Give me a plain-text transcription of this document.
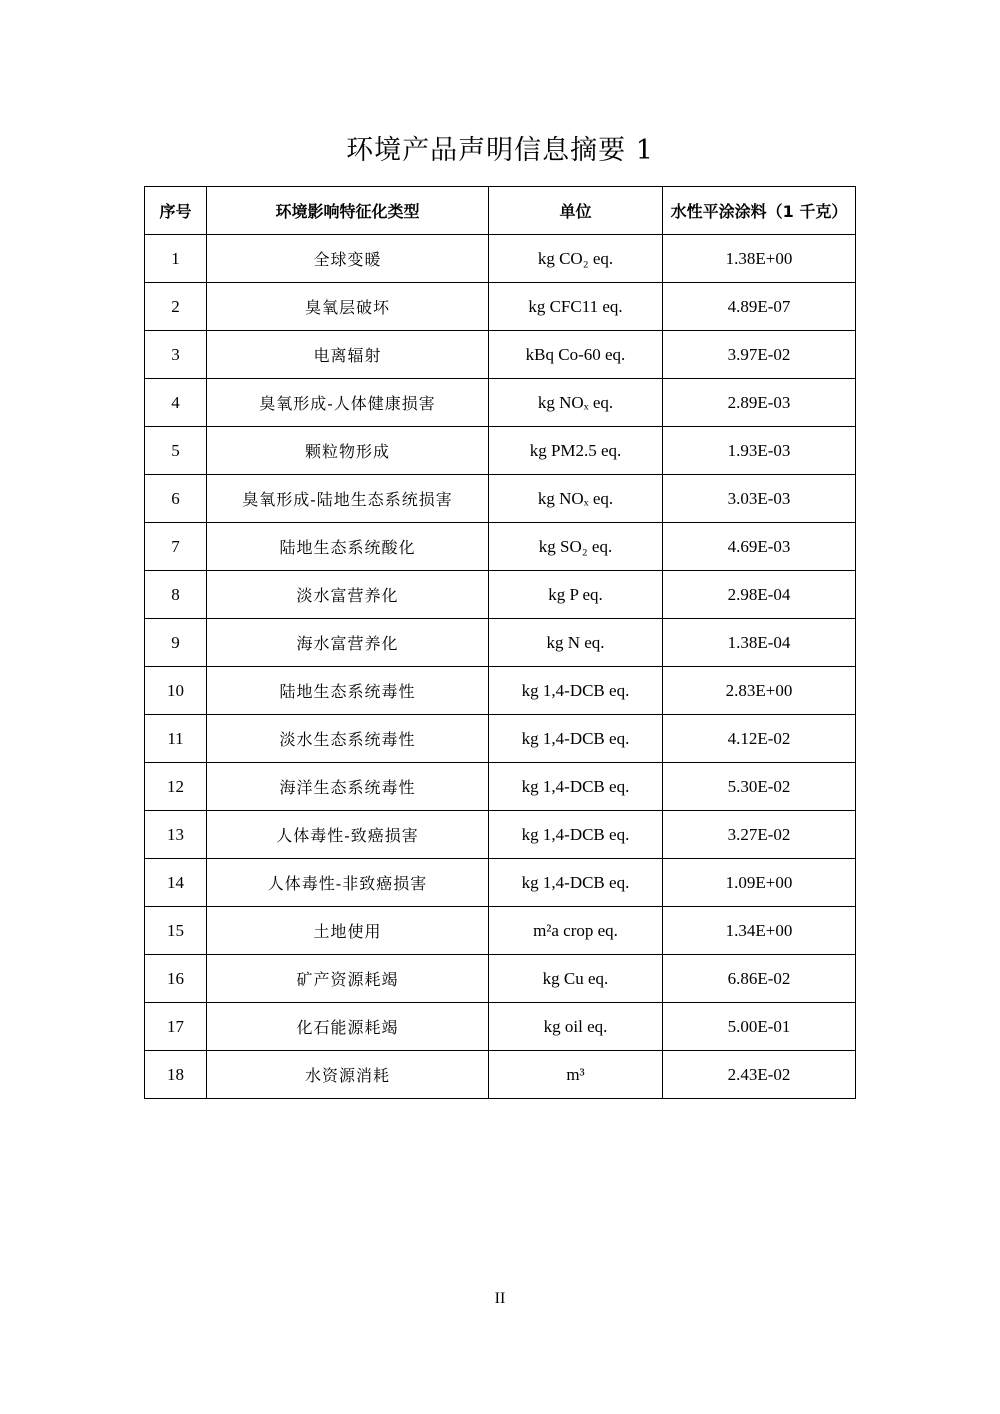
环境产品声明信息摘要 1
序号	环境影响特征化类型	单位	水性平涂涂料（1 千克）
1	全球变暖	kg CO₂ eq.	1.38E+00
2	臭氧层破坏	kg CFC11 eq.	4.89E-07
3	电离辐射	kBq Co-60 eq.	3.97E-02
4	臭氧形成-人体健康损害	kg NOₓ eq.	2.89E-03
5	颗粒物形成	kg PM2.5 eq.	1.93E-03
6	臭氧形成-陆地生态系统损害	kg NOₓ eq.	3.03E-03
7	陆地生态系统酸化	kg SO₂ eq.	4.69E-03
8	淡水富营养化	kg P eq.	2.98E-04
9	海水富营养化	kg N eq.	1.38E-04
10	陆地生态系统毒性	kg 1,4-DCB eq.	2.83E+00
11	淡水生态系统毒性	kg 1,4-DCB eq.	4.12E-02
12	海洋生态系统毒性	kg 1,4-DCB eq.	5.30E-02
13	人体毒性-致癌损害	kg 1,4-DCB eq.	3.27E-02
14	人体毒性-非致癌损害	kg 1,4-DCB eq.	1.09E+00
15	土地使用	m²a crop eq.	1.34E+00
16	矿产资源耗竭	kg Cu eq.	6.86E-02
17	化石能源耗竭	kg oil eq.	5.00E-01
18	水资源消耗	m³	2.43E-02
II
